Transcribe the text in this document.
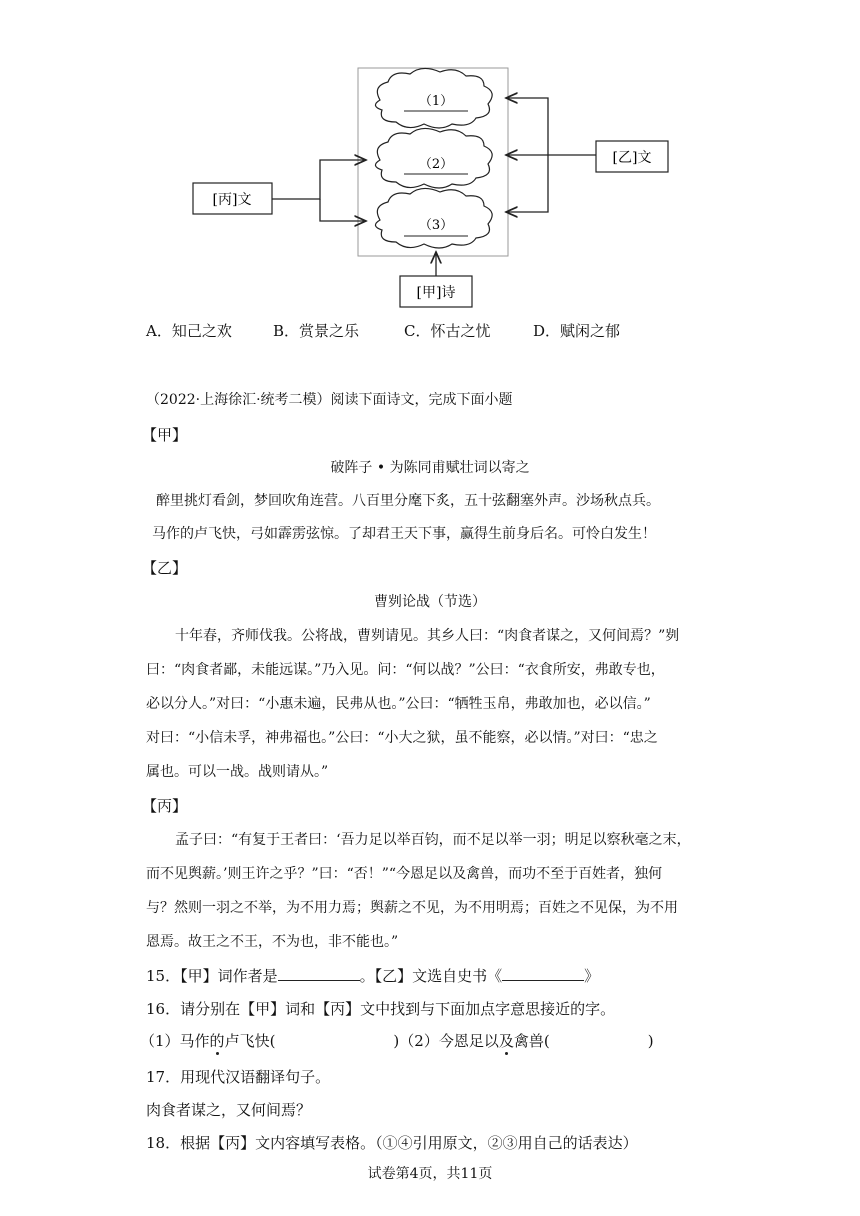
（1）
（2）
（3）
[丙]文
[乙]文
[甲]诗
A．知己之欢	B．赏景之乐	C．怀古之忧	D．赋闲之郁
（2022·上海徐汇·统考二模）阅读下面诗文，完成下面小题
【甲】
破阵子 • 为陈同甫赋壮词以寄之
醉里挑灯看剑，梦回吹角连营。八百里分麾下炙，五十弦翻塞外声。沙场秋点兵。
马作的卢飞快，弓如霹雳弦惊。了却君王天下事，赢得生前身后名。可怜白发生！
【乙】
曹刿论战（节选）
十年春，齐师伐我。公将战，曹刿请见。其乡人曰：“肉食者谋之，又何间焉？”刿
曰：“肉食者鄙，未能远谋。”乃入见。问：“何以战？”公曰：“衣食所安，弗敢专也，
必以分人。”对曰：“小惠未遍，民弗从也。”公曰：“牺牲玉帛，弗敢加也，必以信。”
对曰：“小信未孚，神弗福也。”公曰：“小大之狱，虽不能察，必以情。”对曰：“忠之
属也。可以一战。战则请从。”
【丙】
孟子曰：“有复于王者曰：‘吾力足以举百钧，而不足以举一羽；明足以察秋毫之末，
而不见舆薪。’则王许之乎？”曰：“否！”“今恩足以及禽兽，而功不至于百姓者，独何
与？然则一羽之不举，为不用力焉；舆薪之不见，为不用明焉；百姓之不见保，为不用
恩焉。故王之不王，不为也，非不能也。”
15．【甲】词作者是	。【乙】文选自史书《	》
16．请分别在【甲】词和【丙】文中找到与下面加点字意思接近的字。
（1）马作的卢飞快(	)（2）今恩足以及禽兽(	)
17．用现代汉语翻译句子。
肉食者谋之，又何间焉？
18．根据【丙】文内容填写表格。（①④引用原文，②③用自己的话表达）
试卷第4页，共11页
